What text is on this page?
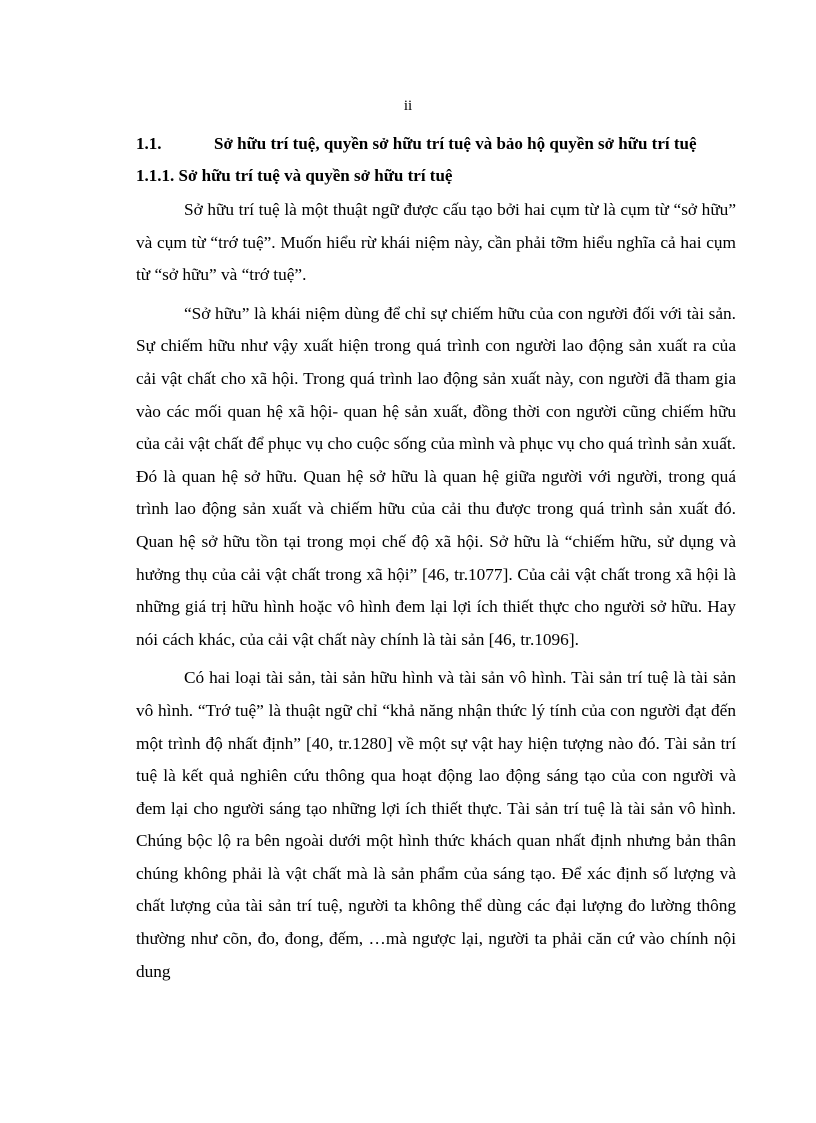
ii
1.1.	Sở hữu trí tuệ, quyền sở hữu trí tuệ và bảo hộ quyền sở hữu trí tuệ
1.1.1. Sở hữu trí tuệ và quyền sở hữu trí tuệ

Sở hữu trí tuệ là một thuật ngữ được cấu tạo bởi hai cụm từ là cụm từ “sở hữu” và cụm từ “trớ tuệ”. Muốn hiểu rừ khái niệm này, cần phải tỡm hiểu nghĩa cả hai cụm từ “sở hữu” và “trớ tuệ”.

“Sở hữu” là khái niệm dùng để chỉ sự chiếm hữu của con người đối với tài sản. Sự chiếm hữu như vậy xuất hiện trong quá trình con người lao động sản xuất ra của cải vật chất cho xã hội. Trong quá trình lao động sản xuất này, con người đã tham gia vào các mối quan hệ xã hội- quan hệ sản xuất, đồng thời con người cũng chiếm hữu của cải vật chất để phục vụ cho cuộc sống của mình và phục vụ cho quá trình sản xuất. Đó là quan hệ sở hữu. Quan hệ sở hữu là quan hệ giữa người với người, trong quá trình lao động sản xuất và chiếm hữu của cải thu được trong quá trình sản xuất đó. Quan hệ sở hữu tồn tại trong mọi chế độ xã hội. Sở hữu là “chiếm hữu, sử dụng và hưởng thụ của cải vật chất trong xã hội” [46, tr.1077]. Của cải vật chất trong xã hội là những giá trị hữu hình hoặc vô hình đem lại lợi ích thiết thực cho người sở hữu. Hay nói cách khác, của cải vật chất này chính là tài sản [46, tr.1096].

Có hai loại tài sản, tài sản hữu hình và tài sản vô hình. Tài sản trí tuệ là tài sản vô hình. “Trớ tuệ” là thuật ngữ chỉ “khả năng nhận thức lý tính của con người đạt đến một trình độ nhất định” [40, tr.1280] về một sự vật hay hiện tượng nào đó. Tài sản trí tuệ là kết quả nghiên cứu thông qua hoạt động lao động sáng tạo của con người và đem lại cho người sáng tạo những lợi ích thiết thực. Tài sản trí tuệ là tài sản vô hình. Chúng bộc lộ ra bên ngoài dưới một hình thức khách quan nhất định nhưng bản thân chúng không phải là vật chất mà là sản phẩm của sáng tạo. Để xác định số lượng và chất lượng của tài sản trí tuệ, người ta không thể dùng các đại lượng đo lường thông thường như cõn, đo, đong, đếm, …mà ngược lại, người ta phải căn cứ vào chính nội dung
